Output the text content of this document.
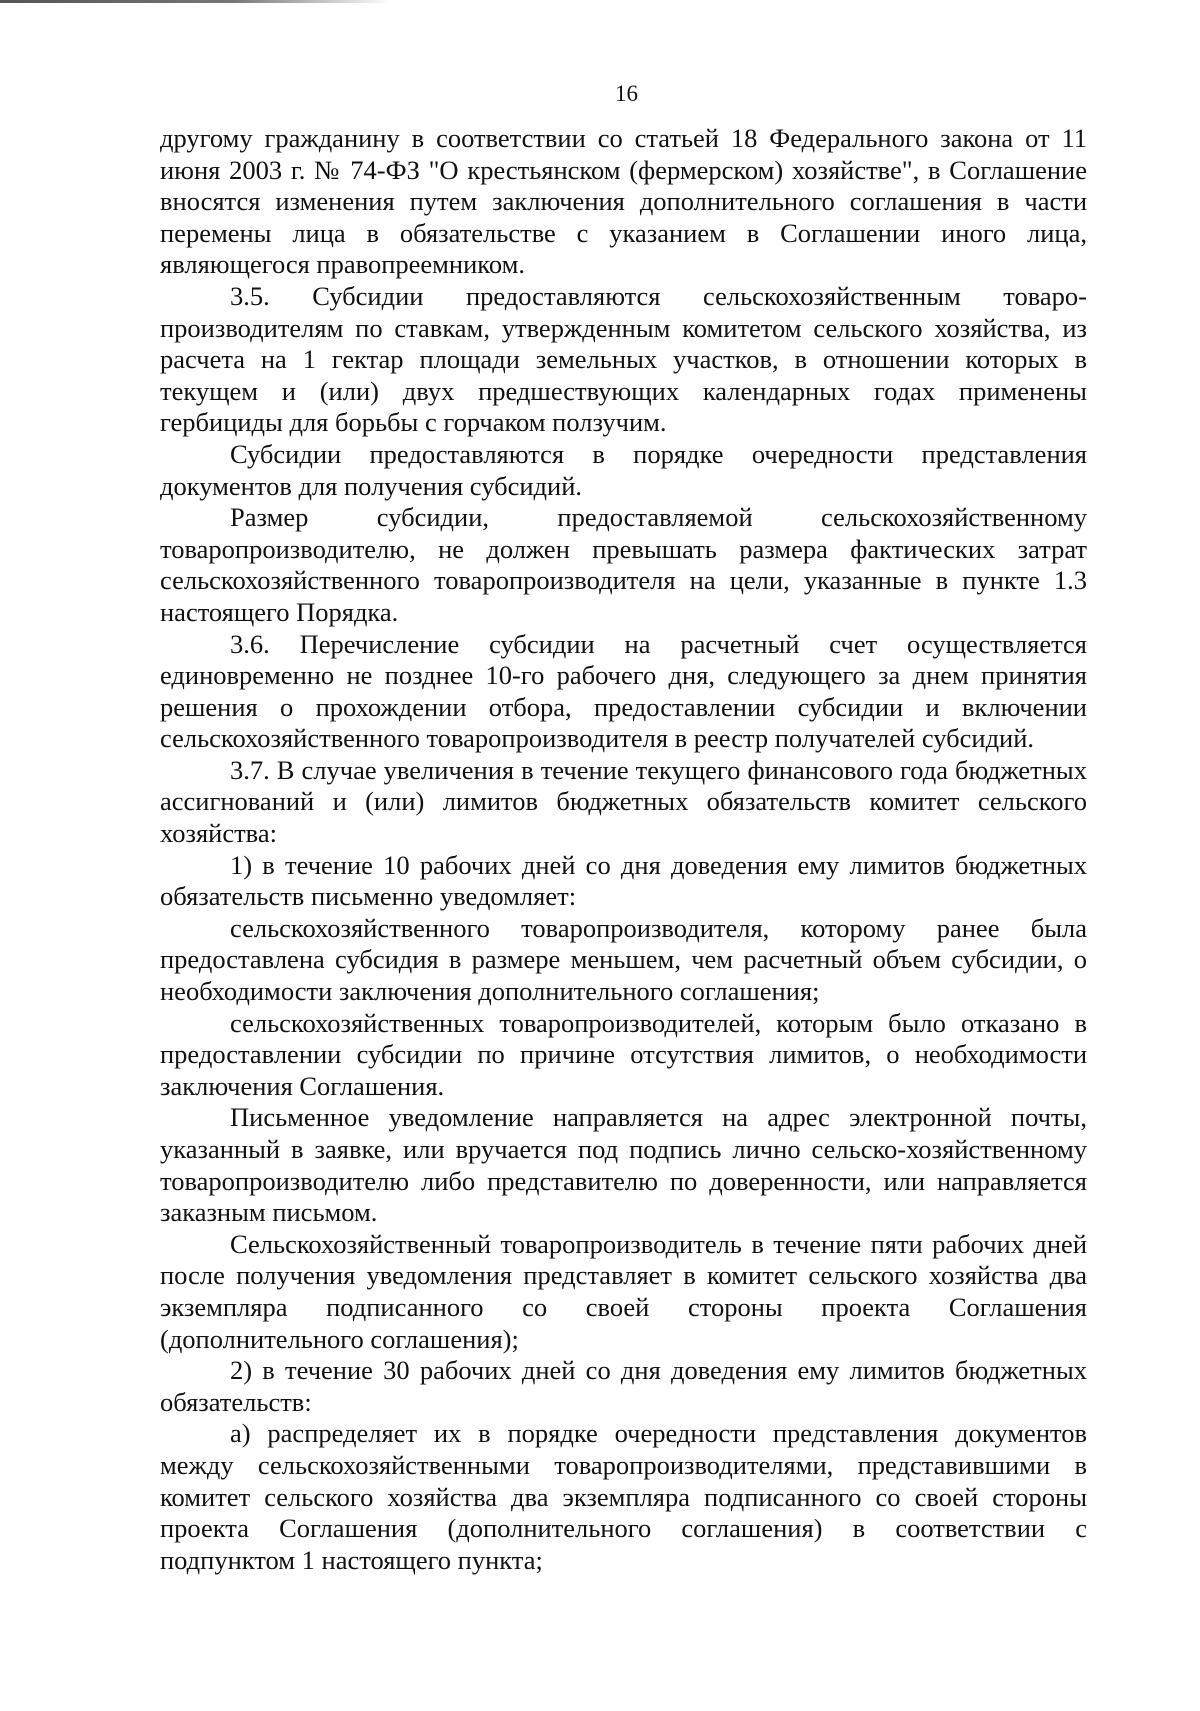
16

другому гражданину в соответствии со статьей 18 Федерального закона от 11 июня 2003 г. № 74-ФЗ "О крестьянском (фермерском) хозяйстве", в Соглашение вносятся изменения путем заключения дополнительного соглашения в части перемены лица в обязательстве с указанием в Соглашении иного лица, являющегося правопреемником.

3.5. Субсидии предоставляются сельскохозяйственным товаро-производителям по ставкам, утвержденным комитетом сельского хозяйства, из расчета на 1 гектар площади земельных участков, в отношении которых в текущем и (или) двух предшествующих календарных годах применены гербициды для борьбы с горчаком ползучим.

Субсидии предоставляются в порядке очередности представления документов для получения субсидий.

Размер субсидии, предоставляемой сельскохозяйственному товаропроизводителю, не должен превышать размера фактических затрат сельскохозяйственного товаропроизводителя на цели, указанные в пункте 1.3 настоящего Порядка.

3.6. Перечисление субсидии на расчетный счет осуществляется единовременно не позднее 10-го рабочего дня, следующего за днем принятия решения о прохождении отбора, предоставлении субсидии и включении сельскохозяйственного товаропроизводителя в реестр получателей субсидий.

3.7. В случае увеличения в течение текущего финансового года бюджетных ассигнований и (или) лимитов бюджетных обязательств комитет сельского хозяйства:

1) в течение 10 рабочих дней со дня доведения ему лимитов бюджетных обязательств письменно уведомляет:

сельскохозяйственного товаропроизводителя, которому ранее была предоставлена субсидия в размере меньшем, чем расчетный объем субсидии, о необходимости заключения дополнительного соглашения;

сельскохозяйственных товаропроизводителей, которым было отказано в предоставлении субсидии по причине отсутствия лимитов, о необходимости заключения Соглашения.

Письменное уведомление направляется на адрес электронной почты, указанный в заявке, или вручается под подпись лично сельско-хозяйственному товаропроизводителю либо представителю по доверенности, или направляется заказным письмом.

Сельскохозяйственный товаропроизводитель в течение пяти рабочих дней после получения уведомления представляет в комитет сельского хозяйства два экземпляра подписанного со своей стороны проекта Соглашения (дополнительного соглашения);

2) в течение 30 рабочих дней со дня доведения ему лимитов бюджетных обязательств:

а) распределяет их в порядке очередности представления документов между сельскохозяйственными товаропроизводителями, представившими в комитет сельского хозяйства два экземпляра подписанного со своей стороны проекта Соглашения (дополнительного соглашения) в соответствии с подпунктом 1 настоящего пункта;
